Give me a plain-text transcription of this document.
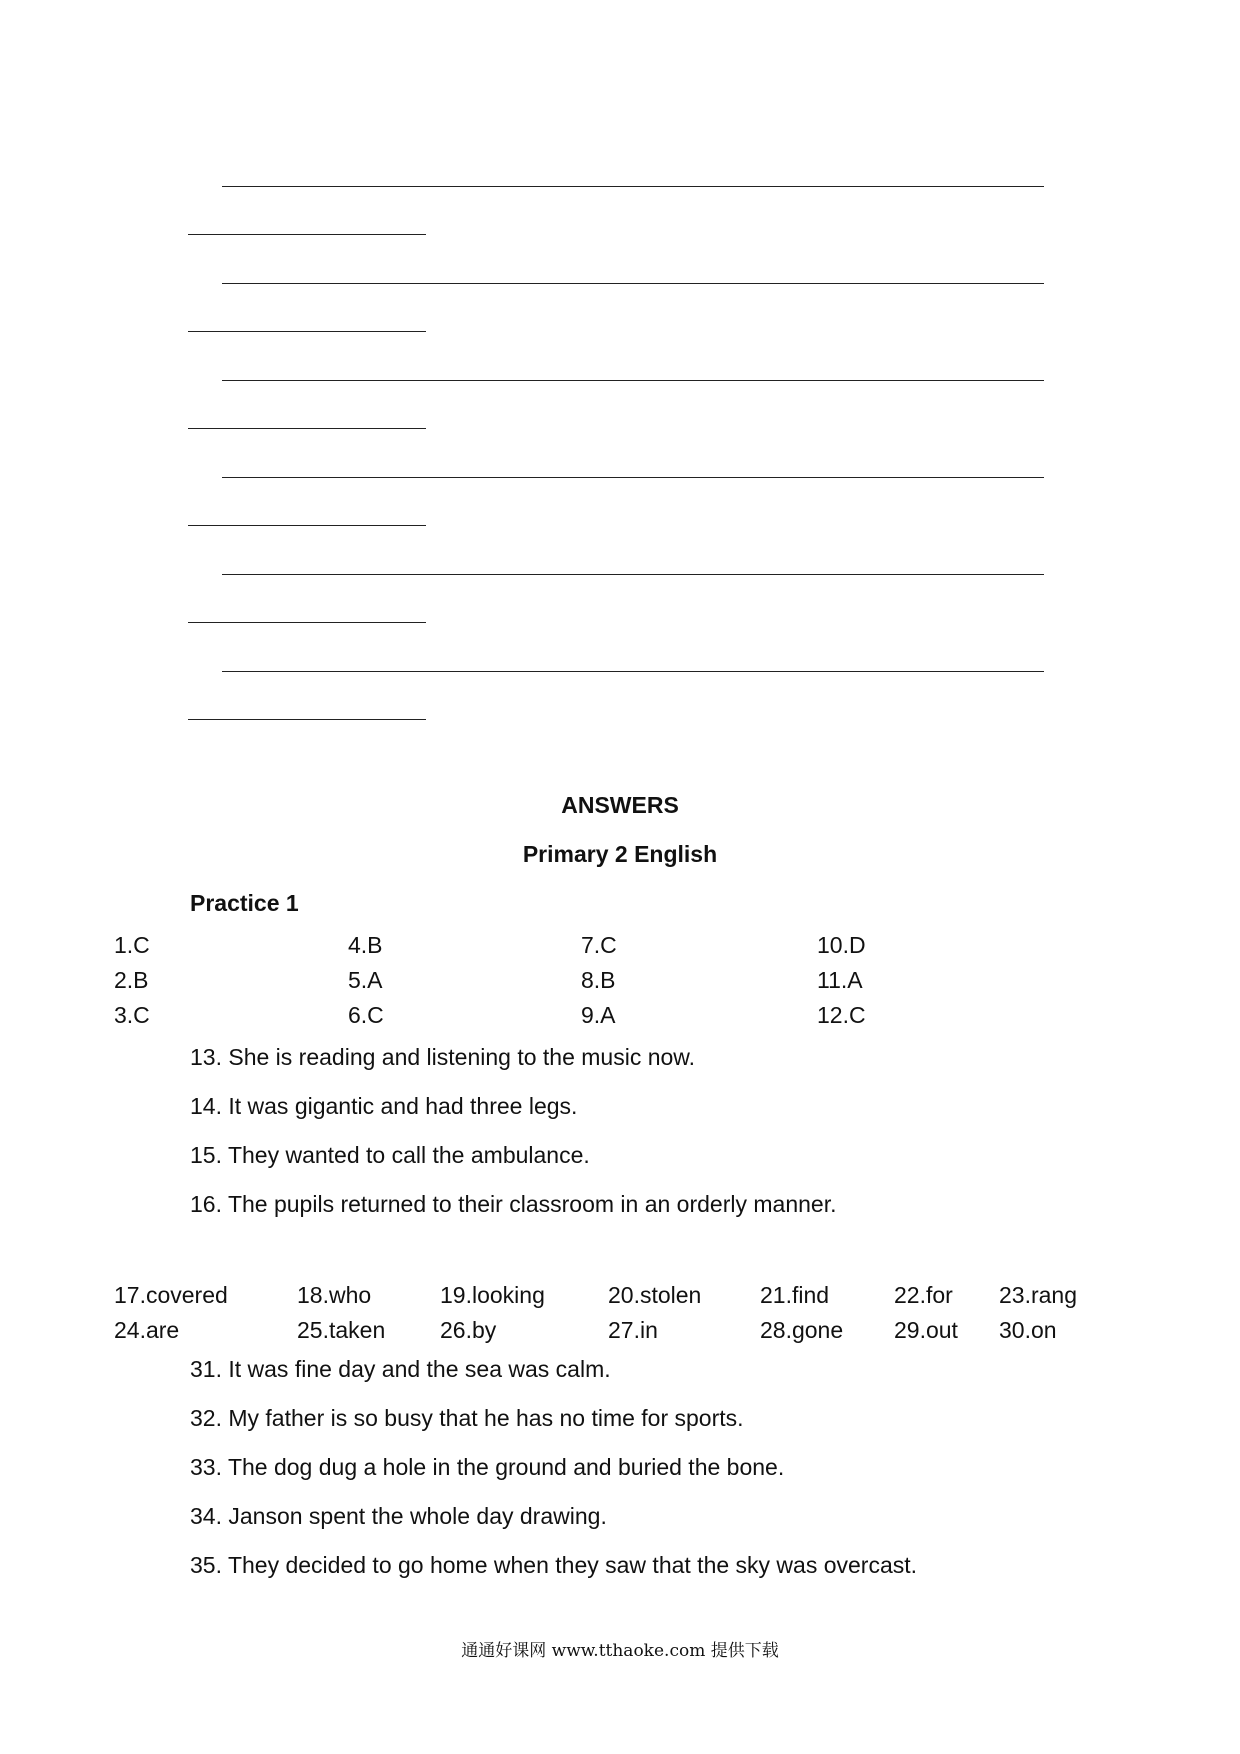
ANSWERS
Primary 2 English
Practice 1
1.C	4.B	7.C	10.D
2.B	5.A	8.B	11.A
3.C	6.C	9.A	12.C
13. She is reading and listening to the music now.
14. It was gigantic and had three legs.
15. They wanted to call the ambulance.
16. The pupils returned to their classroom in an orderly manner.
17.covered	18.who	19.looking	20.stolen	21.find	22.for 23.rang
24.are	25.taken 26.by	27.in	28.gone 29.out 30.on
31. It was fine day and the sea was calm.
32. My father is so busy that he has no time for sports.
33. The dog dug a hole in the ground and buried the bone.
34. Janson spent the whole day drawing.
35. They decided to go home when they saw that the sky was overcast.
通通好课网 www.tthaoke.com 提供下载
